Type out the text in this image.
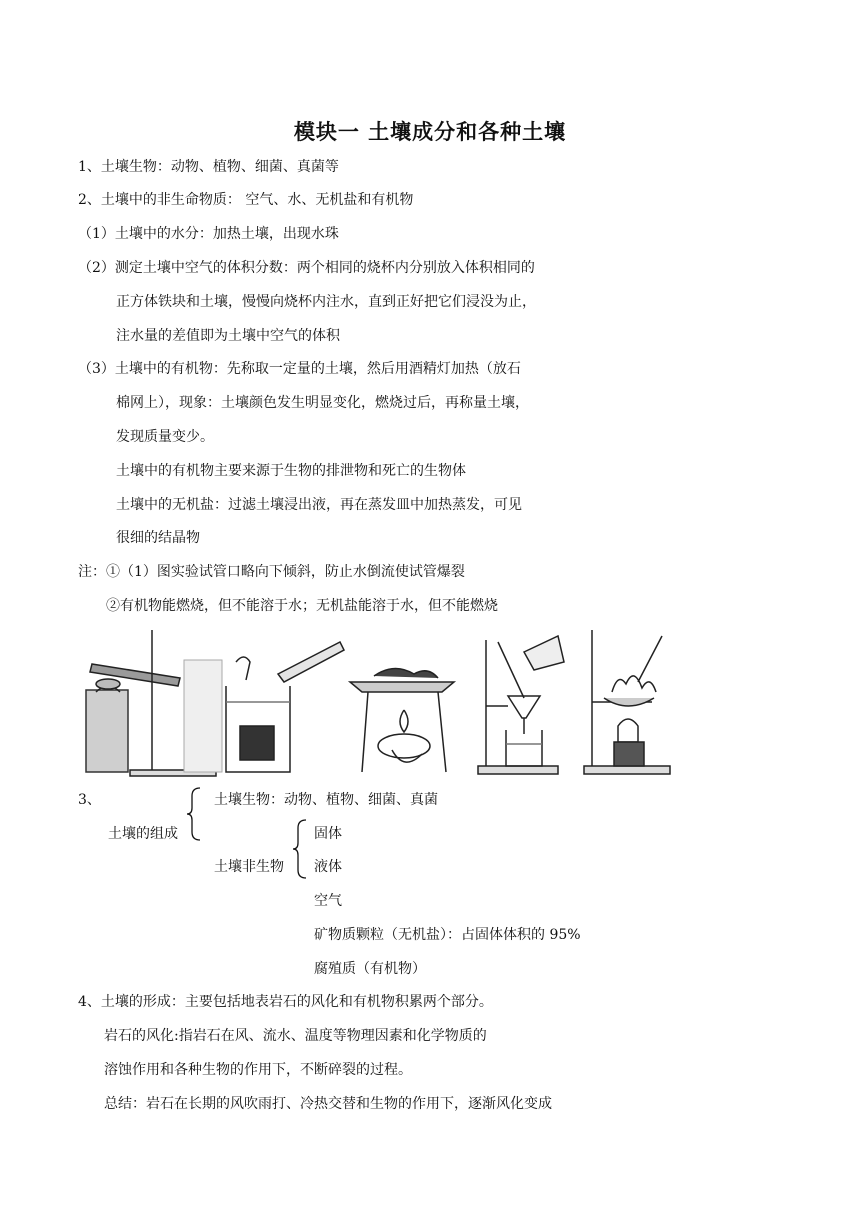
模块一 土壤成分和各种土壤
1、土壤生物：动物、植物、细菌、真菌等
2、土壤中的非生命物质： 空气、水、无机盐和有机物
（1）土壤中的水分：加热土壤，出现水珠
（2）测定土壤中空气的体积分数：两个相同的烧杯内分别放入体积相同的
正方体铁块和土壤，慢慢向烧杯内注水，直到正好把它们浸没为止，
注水量的差值即为土壤中空气的体积
（3）土壤中的有机物：先称取一定量的土壤，然后用酒精灯加热（放石
棉网上），现象：土壤颜色发生明显变化，燃烧过后，再称量土壤，
发现质量变少。
土壤中的有机物主要来源于生物的排泄物和死亡的生物体
土壤中的无机盐：过滤土壤浸出液，再在蒸发皿中加热蒸发，可见
很细的结晶物
注：①（1）图实验试管口略向下倾斜，防止水倒流使试管爆裂
②有机物能燃烧，但不能溶于水；无机盐能溶于水，但不能燃烧
3、
土壤的组成
土壤生物：动物、植物、细菌、真菌
土壤非生物
固体
液体
空气
矿物质颗粒（无机盐）：占固体体积的 95%
腐殖质（有机物）
4、土壤的形成：主要包括地表岩石的风化和有机物积累两个部分。
岩石的风化:指岩石在风、流水、温度等物理因素和化学物质的
溶蚀作用和各种生物的作用下，不断碎裂的过程。
总结：岩石在长期的风吹雨打、冷热交替和生物的作用下，逐渐风化变成
